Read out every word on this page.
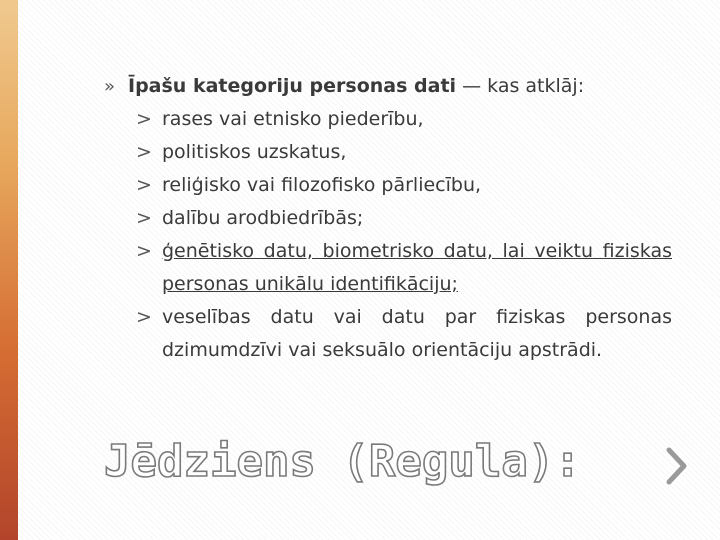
» Īpašu kategoriju personas dati — kas atklāj:
> rases vai etnisko piederību,
> politiskos uzskatus,
> reliģisko vai filozofisko pārliecību,
> dalību arodbiedrībās;
> ģenētisko datu, biometrisko datu, lai veiktu fiziskas personas unikālu identifikāciju;
> veselības datu vai datu par fiziskas personas dzimumdzīvi vai seksuālo orientāciju apstrādi.
Jēdziens (Regula):
